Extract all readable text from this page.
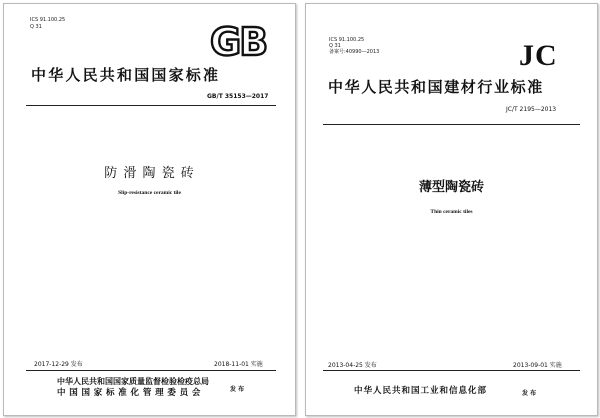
ICS 91.100.25
Q 31	GB
中华人民共和国国家标准
GB/T 35153—2017
防 滑 陶 瓷 砖
Slip-resistance ceramic tile
2017-12-29 发布	2018-11-01 实施
中华人民共和国国家质量监督检验检疫总局
中 国 国 家 标 准 化 管 理 委 员 会	发 布
ICS 91.100.25
Q 31
备案号:40990—2013	JC
中华人民共和国建材行业标准
JC/T 2195—2013
薄型陶瓷砖
Thin ceramic tiles
2013-04-25 发布	2013-09-01 实施
中华人民共和国工业和信息化部	发 布
